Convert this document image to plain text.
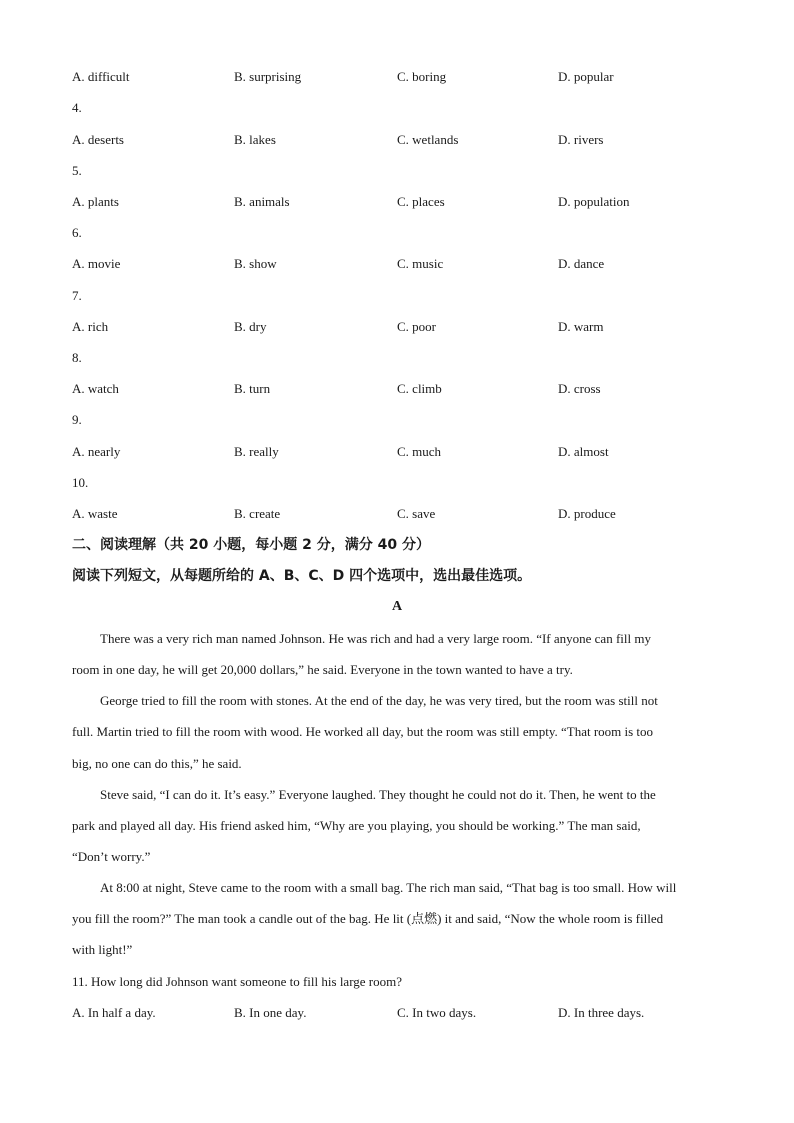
A. difficult	B. surprising	C. boring	D. popular
4.
A. deserts	B. lakes	C. wetlands	D. rivers
5.
A. plants	B. animals	C. places	D. population
6.
A. movie	B. show	C. music	D. dance
7.
A. rich	B. dry	C. poor	D. warm
8.
A. watch	B. turn	C. climb	D. cross
9.
A. nearly	B. really	C. much	D. almost
10.
A. waste	B. create	C. save	D. produce
二、阅读理解（共 20 小题，每小题 2 分，满分 40 分）
阅读下列短文，从每题所给的 A、B、C、D 四个选项中，选出最佳选项。
A
There was a very rich man named Johnson. He was rich and had a very large room. “If anyone can fill my
room in one day, he will get 20,000 dollars,” he said. Everyone in the town wanted to have a try.
George tried to fill the room with stones. At the end of the day, he was very tired, but the room was still not
full. Martin tried to fill the room with wood. He worked all day, but the room was still empty. “That room is too
big, no one can do this,” he said.
Steve said, “I can do it. It’s easy.” Everyone laughed. They thought he could not do it. Then, he went to the
park and played all day. His friend asked him, “Why are you playing, you should be working.” The man said,
“Don’t worry.”
At 8:00 at night, Steve came to the room with a small bag. The rich man said, “That bag is too small. How will
you fill the room?” The man took a candle out of the bag. He lit (点燃) it and said, “Now the whole room is filled
with light!”
11. How long did Johnson want someone to fill his large room?
A. In half a day.	B. In one day.	C. In two days.	D. In three days.
